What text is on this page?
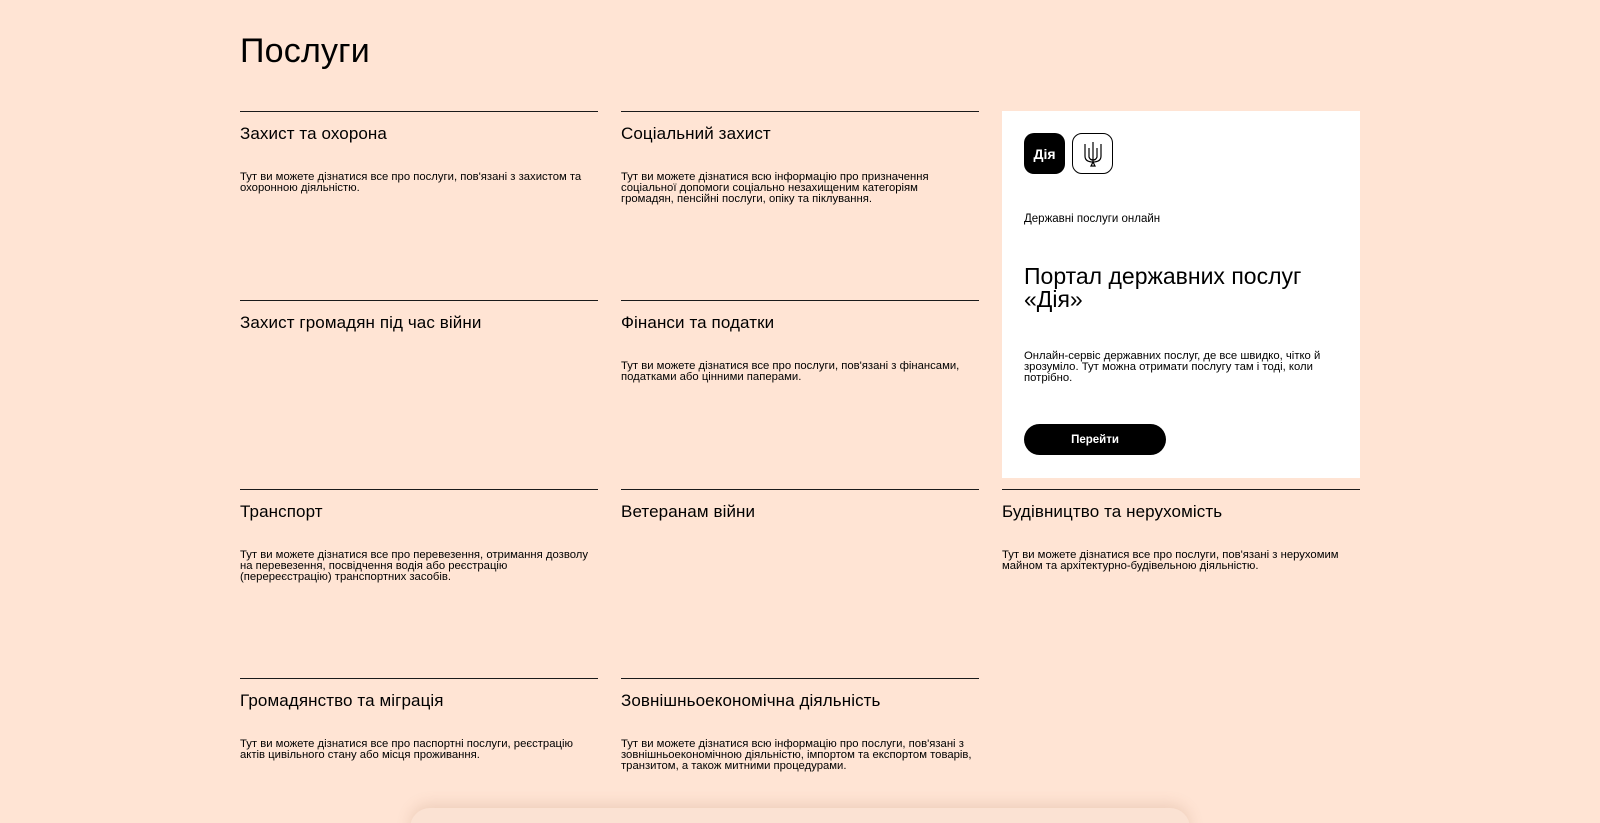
Послуги
Захист та охорона
Тут ви можете дізнатися все про послуги, пов'язані з захистом та охоронною діяльністю.
Соціальний захист
Тут ви можете дізнатися всю інформацію про призначення соціальної допомоги соціально незахищеним категоріям громадян, пенсійні послуги, опіку та піклування.
Дія
Державні послуги онлайн
Портал державних послуг «Дія»
Онлайн-сервіс державних послуг, де все швидко, чітко й зрозуміло. Тут можна отримати послугу там і тоді, коли потрібно.
Перейти
Захист громадян під час війни	Фінанси та податки
Тут ви можете дізнатися все про послуги, пов'язані з фінансами, податками або цінними паперами.
Транспорт
Тут ви можете дізнатися все про перевезення, отримання дозволу на перевезення, посвідчення водія або реєстрацію (перереєстрацію) транспортних засобів.
Ветеранам війни	Будівництво та нерухомість
Тут ви можете дізнатися все про послуги, пов'язані з нерухомим майном та архітектурно-будівельною діяльністю.
Громадянство та міграція
Тут ви можете дізнатися все про паспортні послуги, реєстрацію актів цивільного стану або місця проживання.
Зовнішньоекономічна діяльність
Тут ви можете дізнатися всю інформацію про послуги, пов'язані з зовнішньоекономічною діяльністю, імпортом та експортом товарів, транзитом, а також митними процедурами.
